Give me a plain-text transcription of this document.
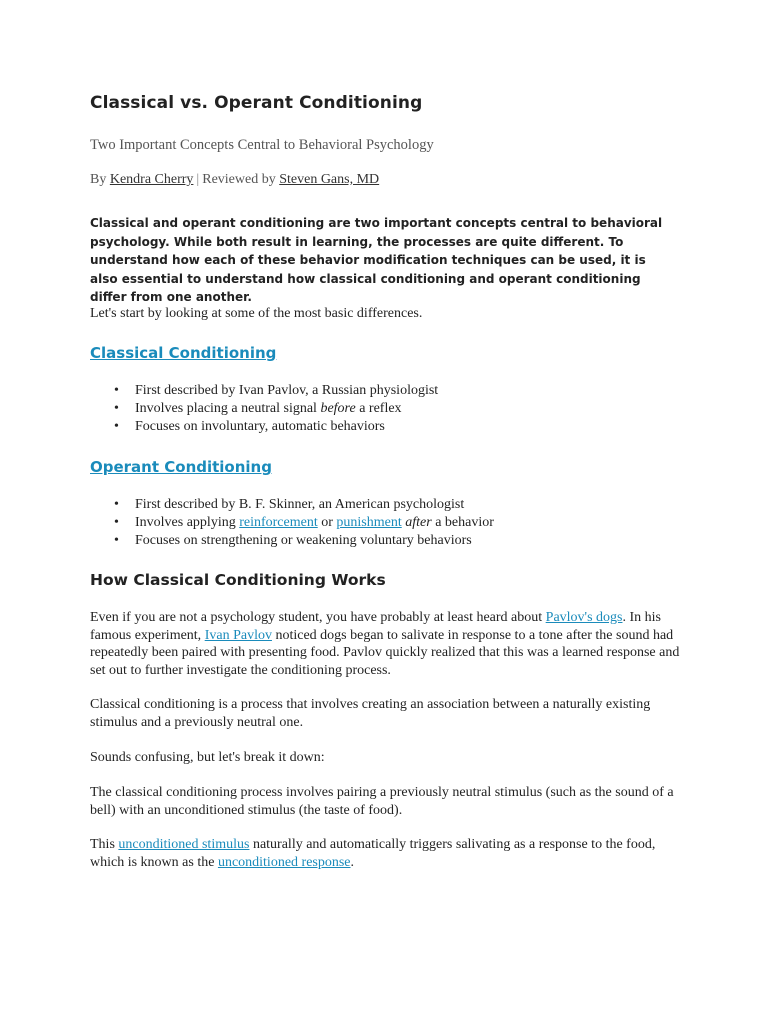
Classical vs. Operant Conditioning

Two Important Concepts Central to Behavioral Psychology

By Kendra Cherry | Reviewed by Steven Gans, MD

Classical and operant conditioning are two important concepts central to behavioral psychology. While both result in learning, the processes are quite different. To understand how each of these behavior modification techniques can be used, it is also essential to understand how classical conditioning and operant conditioning differ from one another.

Let's start by looking at some of the most basic differences.

Classical Conditioning
• First described by Ivan Pavlov, a Russian physiologist
• Involves placing a neutral signal before a reflex
• Focuses on involuntary, automatic behaviors
Operant Conditioning
• First described by B. F. Skinner, an American psychologist
• Involves applying reinforcement or punishment after a behavior
• Focuses on strengthening or weakening voluntary behaviors
How Classical Conditioning Works

Even if you are not a psychology student, you have probably at least heard about Pavlov's dogs. In his famous experiment, Ivan Pavlov noticed dogs began to salivate in response to a tone after the sound had repeatedly been paired with presenting food. Pavlov quickly realized that this was a learned response and set out to further investigate the conditioning process.

Classical conditioning is a process that involves creating an association between a naturally existing stimulus and a previously neutral one.

Sounds confusing, but let's break it down:

The classical conditioning process involves pairing a previously neutral stimulus (such as the sound of a bell) with an unconditioned stimulus (the taste of food).

This unconditioned stimulus naturally and automatically triggers salivating as a response to the food, which is known as the unconditioned response.
